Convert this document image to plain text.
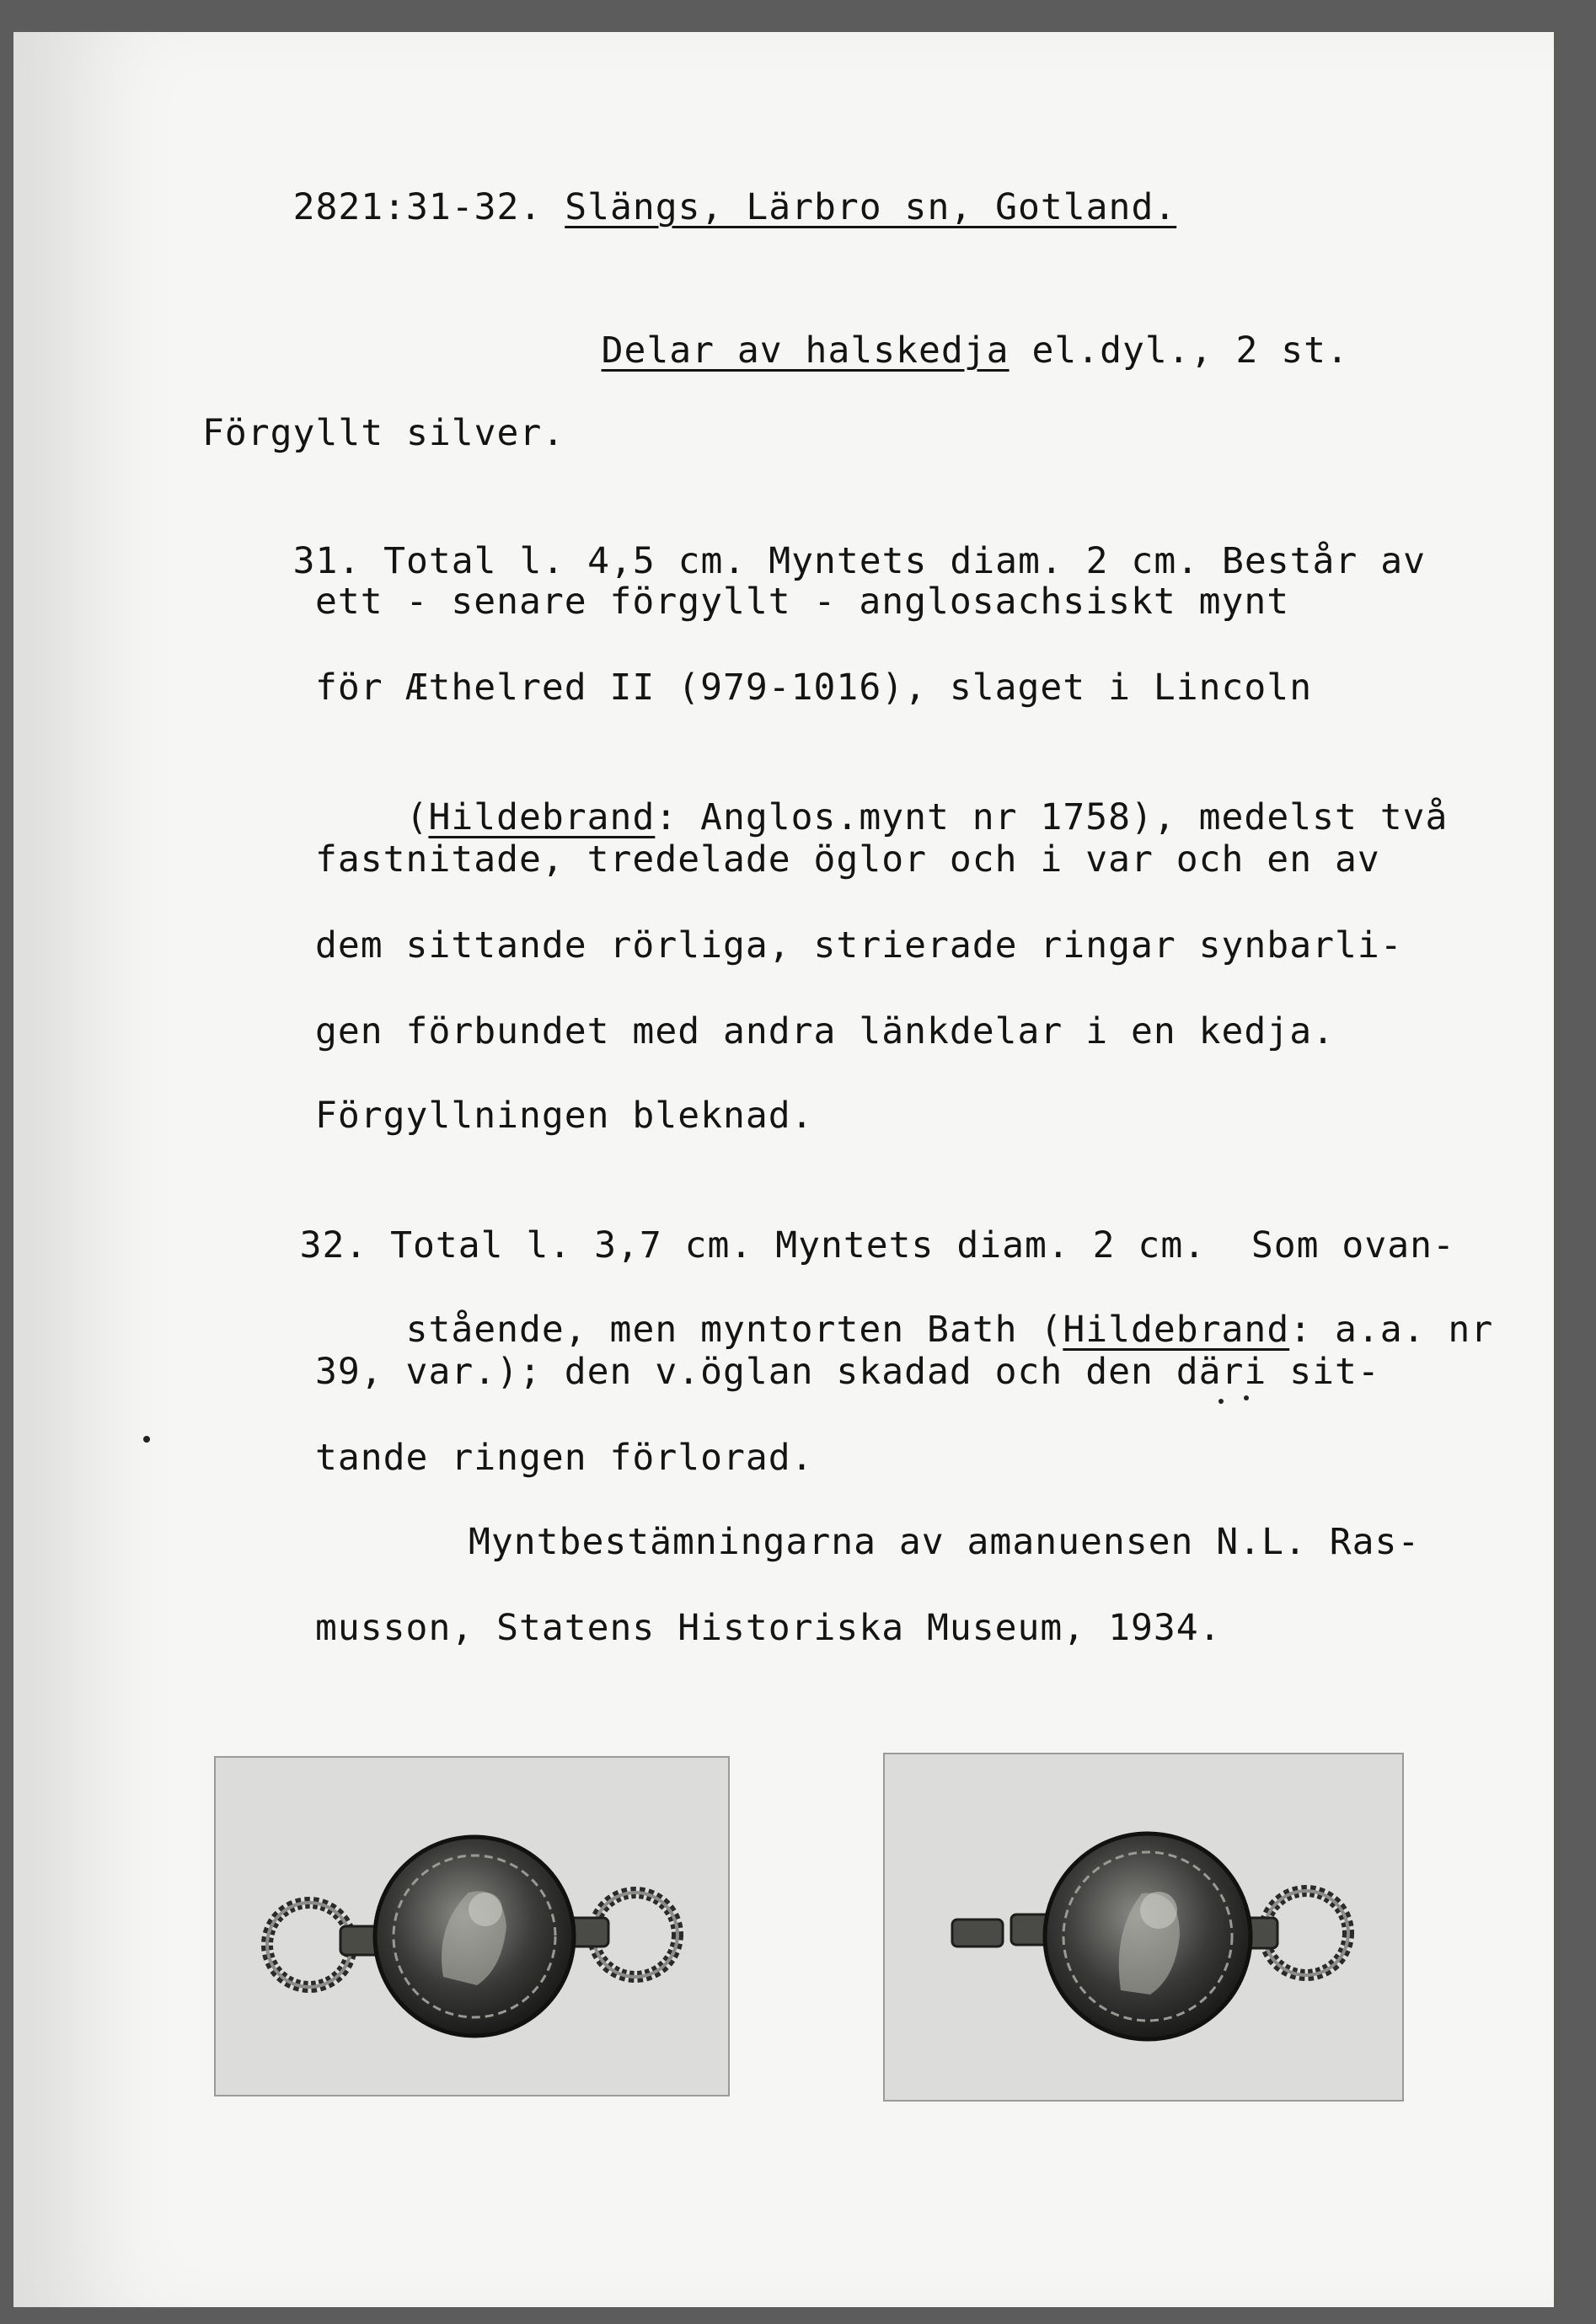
2821:31-32. Slängs, Lärbro sn, Gotland.

Delar av halskedja el.dyl., 2 st.

Förgyllt silver.

31. Total l. 4,5 cm. Myntets diam. 2 cm. Består av

ett - senare förgyllt - anglosachsiskt mynt
för Æthelred II (979-1016), slaget i Lincoln

(Hildebrand: Anglos.mynt nr 1758), medelst två

fastnitade, tredelade öglor och i var och en av
dem sittande rörliga, strierade ringar synbarli-
gen förbundet med andra länkdelar i en kedja.
Förgyllningen bleknad.

32. Total l. 3,7 cm. Myntets diam. 2 cm.  Som ovan-

stående, men myntorten Bath (Hildebrand: a.a. nr

39, var.); den v.öglan skadad och den däri sit-
tande ringen förlorad.
Myntbestämningarna av amanuensen N.L. Ras-
musson, Statens Historiska Museum, 1934.
